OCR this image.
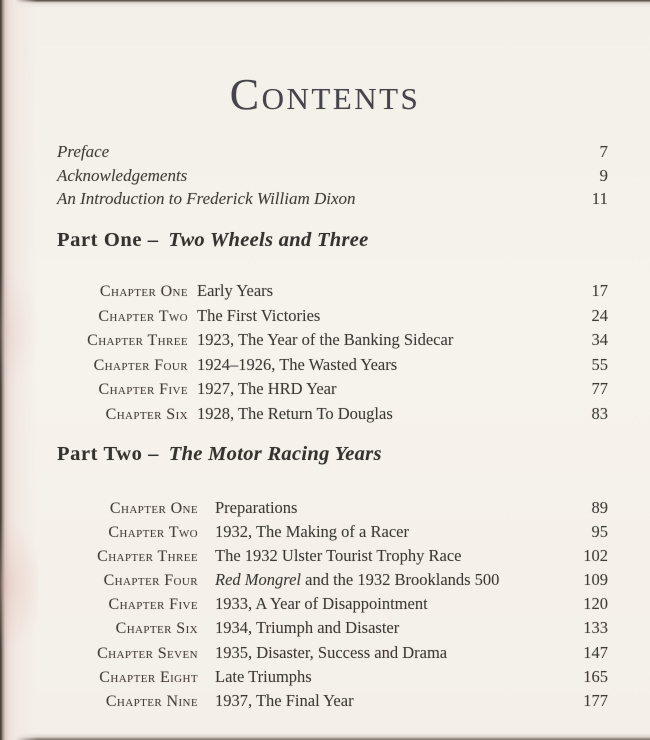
Contents
Preface	7
Acknowledgements	9
An Introduction to Frederick William Dixon	11
Part One – Two Wheels and Three
Chapter One Early Years	17
Chapter Two The First Victories	24
Chapter Three 1923, The Year of the Banking Sidecar	34
Chapter Four 1924–1926, The Wasted Years	55
Chapter Five 1927, The HRD Year	77
Chapter Six 1928, The Return To Douglas	83
Part Two – The Motor Racing Years
Chapter One Preparations	89
Chapter Two 1932, The Making of a Racer	95
Chapter Three The 1932 Ulster Tourist Trophy Race	102
Chapter Four Red Mongrel and the 1932 Brooklands 500	109
Chapter Five 1933, A Year of Disappointment	120
Chapter Six 1934, Triumph and Disaster	133
Chapter Seven 1935, Disaster, Success and Drama	147
Chapter Eight Late Triumphs	165
Chapter Nine 1937, The Final Year	177
